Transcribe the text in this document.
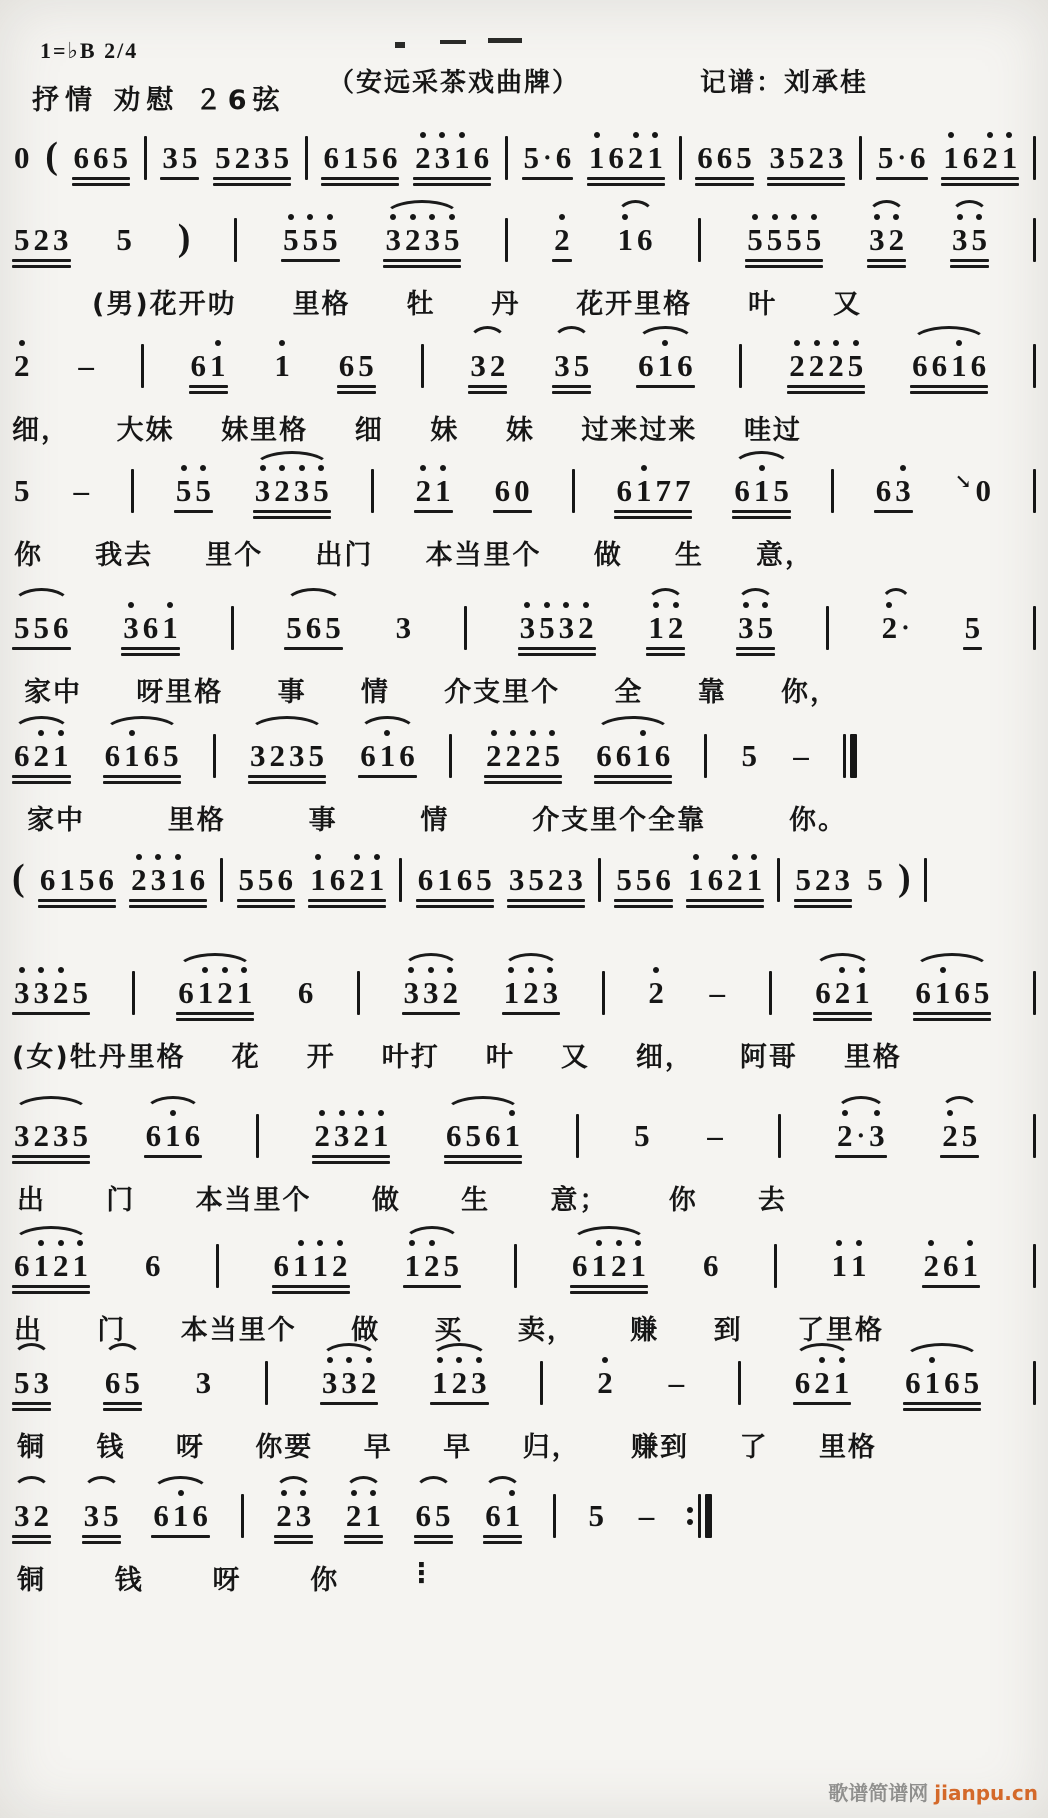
1=♭B 2/4
抒情 劝慰 ２6弦
（安远采茶戏曲牌）	记谱：刘承桂
0 ( 6 6 5 3 5 5 2 3 5 6 1 5 6 2 3 1 6 5 · 6 1 6 2 1 6 6 5 3 5 2 3 5 · 6 1 6 2 1
5 2 3 5 )	5 5 5 3 2 3 5	2 1 6	5 5 5 5 3 2 3 5
(男)花开叻 里格 牡 丹 花开里格 叶 又
2 –	6 1 1 6 5	3 2 3 5 6 1 6	2 2 2 5 6 6 1 6
细， 大妹 妹里格 细 妹 妹 过来过来 哇过
5 –	5 5 3 2 3 5	2 1 6 0	6 1 7 7 6 1 5	6 3 ↘ 0
你 我去 里个 出门 本当里个 做 生 意，
5 5 6 3 6 1	5 6 5 3	3 5 3 2 1 2 3 5	2 · 5
家中 呀里格 事 情 介支里个 全 靠 你，
6 2 1 6 1 6 5 3 2 3 5 6 1 6 2 2 2 5 6 6 1 6 5 –
家中	里格	事	情	介支里个全靠	你。
( 6 1 5 6 2 3 1 6 5 5 6 1 6 2 1 6 1 6 5 3 5 2 3 5 5 6 1 6 2 1 5 2 3 5 )
3 3 2 5	6 1 2 1 6	3 3 2 1 2 3	2 –	6 2 1 6 1 6 5
(女)牡丹里格 花 开 叶打 叶 又 细， 阿哥 里格
3 2 3 5 6 1 6	2 3 2 1 6 5 6 1	5 –	2 · 3 2 5
出 门 本当里个 做 生 意； 你 去
6 1 2 1 6	6 1 1 2 1 2 5	6 1 2 1 6	1 1 2 6 1
出 门 本当里个 做 买 卖， 赚 到 了里格
5 3 6 5 3	3 3 2 1 2 3	2 –	6 2 1 6 1 6 5
铜 钱 呀 你要 早 早 归， 赚到 了 里格
3 2 3 5 6 1 6 2 3 2 1 6 5 6 1 5 –
铜	钱	呀	你	⋮
歌谱简谱网 jianpu.cn
